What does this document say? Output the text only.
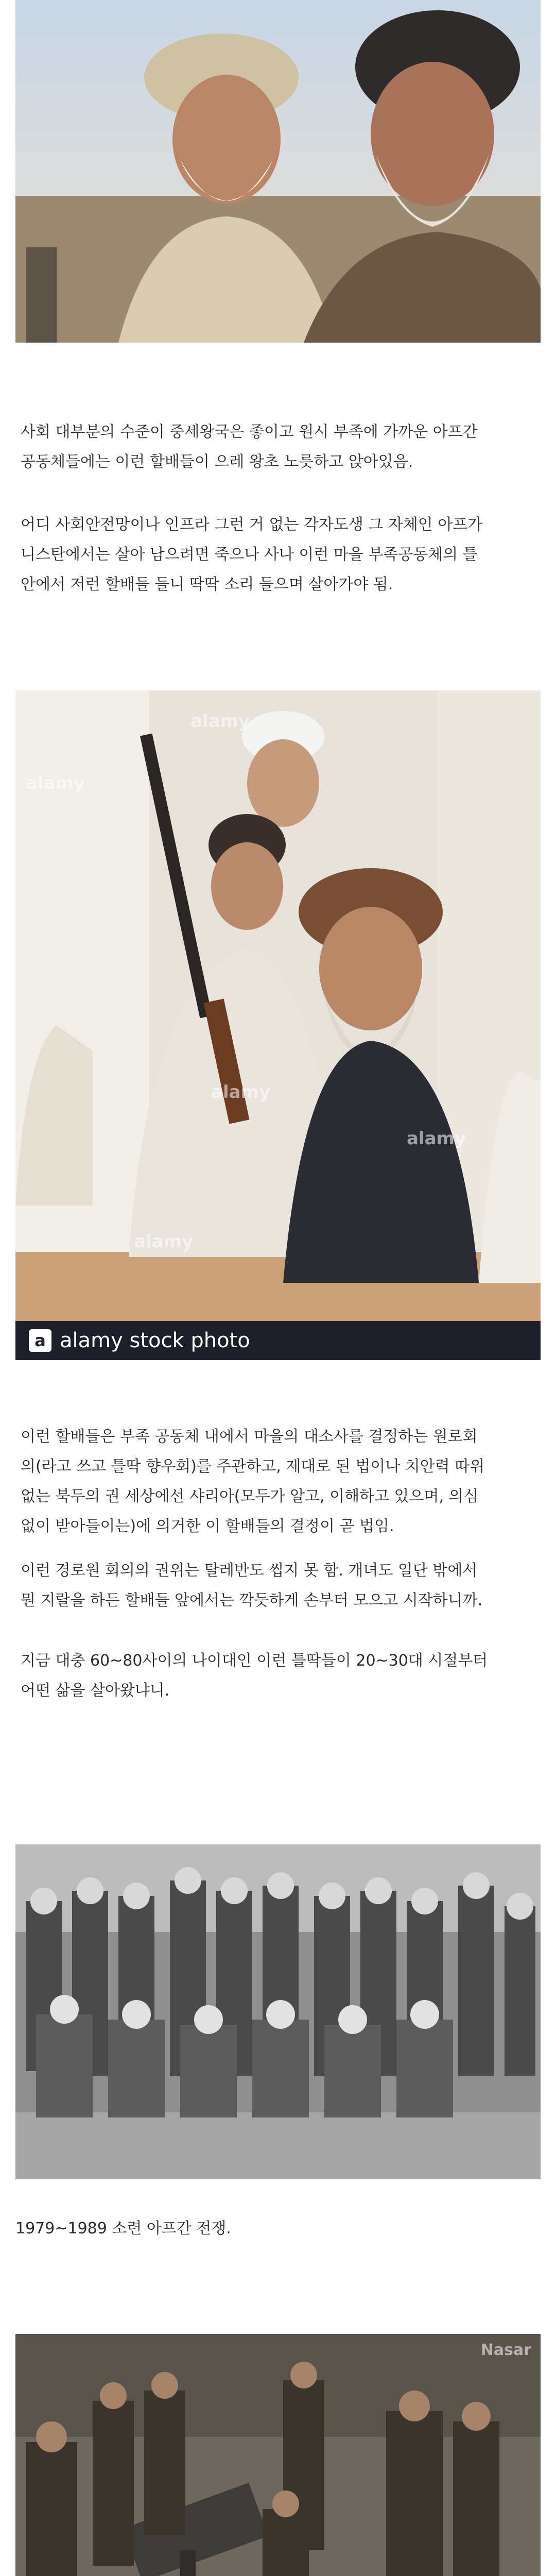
사회 대부분의 수준이 중세왕국은 좋이고 원시 부족에 가까운 아프간
공동체들에는 이런 할배들이 으레 왕초 노릇하고 앉아있음.

어디 사회안전망이나 인프라 그런 거 없는 각자도생 그 자체인 아프가
니스탄에서는 살아 남으려면 죽으나 사나 이런 마을 부족공동체의 틀
안에서 저런 할배들 들니 딱딱 소리 들으며 살아가야 됨.

alamy
alamy
alamy
alamy
alamy
a alamy stock photo

이런 할배들은 부족 공동체 내에서 마을의 대소사를 결정하는 원로회
의(라고 쓰고 틀딱 향우회)를 주관하고, 제대로 된 법이나 치안력 따위
없는 북두의 권 세상에선 샤리아(모두가 알고, 이해하고 있으며, 의심
없이 받아들이는)에 의거한 이 할배들의 결정이 곧 법임.

이런 경로원 회의의 권위는 탈레반도 씹지 못 함. 개녀도 일단 밖에서
뭔 지랄을 하든 할배들 앞에서는 깍듯하게 손부터 모으고 시작하니까.

지금 대충 60~80사이의 나이대인 이런 틀딱들이 20~30대 시절부터
어떤 삶을 살아왔냐니.

1979~1989 소련 아프간 전쟁.

Nasar
